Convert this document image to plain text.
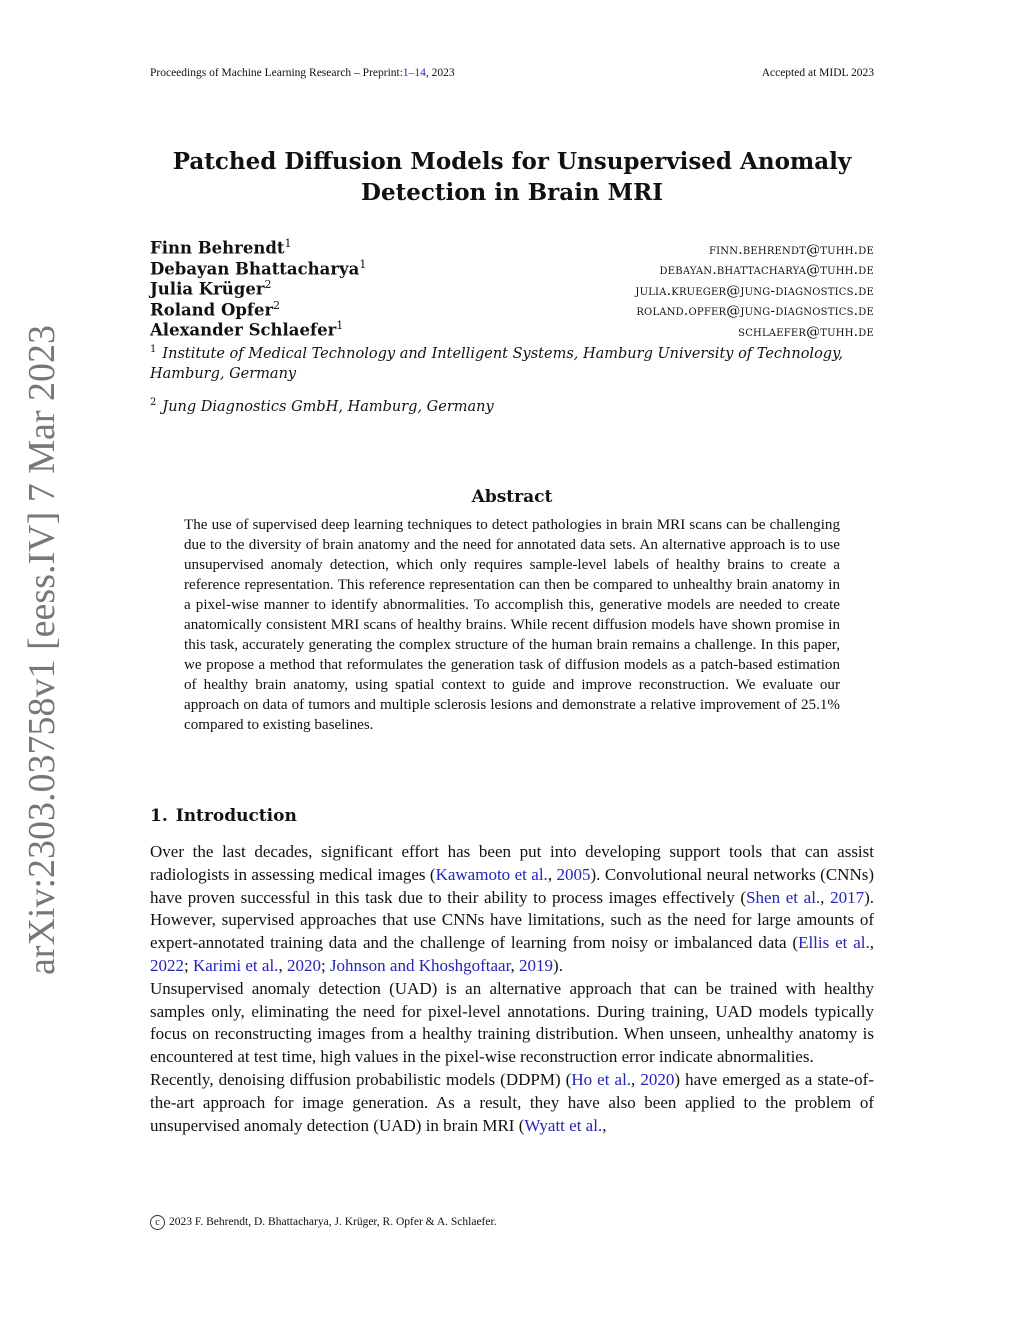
Proceedings of Machine Learning Research – Preprint:1–14, 2023	Accepted at MIDL 2023
arXiv:2303.03758v1 [eess.IV] 7 Mar 2023
Patched Diffusion Models for Unsupervised Anomaly Detection in Brain MRI
Finn Behrendt$^1$	finn.behrendt@tuhh.de
Debayan Bhattacharya$^1$	debayan.bhattacharya@tuhh.de
Julia Krüger$^2$	julia.krueger@jung-diagnostics.de
Roland Opfer$^2$	roland.opfer@jung-diagnostics.de
Alexander Schlaefer$^1$	schlaefer@tuhh.de
$^1$ Institute of Medical Technology and Intelligent Systems, Hamburg University of Technology, Hamburg, Germany
$^2$ Jung Diagnostics GmbH, Hamburg, Germany
Abstract
The use of supervised deep learning techniques to detect pathologies in brain MRI scans can be challenging due to the diversity of brain anatomy and the need for annotated data sets. An alternative approach is to use unsupervised anomaly detection, which only requires sample-level labels of healthy brains to create a reference representation. This reference representation can then be compared to unhealthy brain anatomy in a pixel-wise manner to identify abnormalities. To accomplish this, generative models are needed to create anatomically consistent MRI scans of healthy brains. While recent diffusion models have shown promise in this task, accurately generating the complex structure of the human brain remains a challenge. In this paper, we propose a method that reformulates the generation task of diffusion models as a patch-based estimation of healthy brain anatomy, using spatial context to guide and improve reconstruction. We evaluate our approach on data of tumors and multiple sclerosis lesions and demonstrate a relative improvement of 25.1% compared to existing baselines.
1. Introduction

Over the last decades, significant effort has been put into developing support tools that can assist radiologists in assessing medical images (Kawamoto et al., 2005). Convolutional neural networks (CNNs) have proven successful in this task due to their ability to process images effectively (Shen et al., 2017). However, supervised approaches that use CNNs have limitations, such as the need for large amounts of expert-annotated training data and the challenge of learning from noisy or imbalanced data (Ellis et al., 2022; Karimi et al., 2020; Johnson and Khoshgoftaar, 2019).

Unsupervised anomaly detection (UAD) is an alternative approach that can be trained with healthy samples only, eliminating the need for pixel-level annotations. During training, UAD models typically focus on reconstructing images from a healthy training distribution. When unseen, unhealthy anatomy is encountered at test time, high values in the pixel-wise reconstruction error indicate abnormalities.

Recently, denoising diffusion probabilistic models (DDPM) (Ho et al., 2020) have emerged as a state-of-the-art approach for image generation. As a result, they have also been applied to the problem of unsupervised anomaly detection (UAD) in brain MRI (Wyatt et al.,

c 2023 F. Behrendt, D. Bhattacharya, J. Krüger, R. Opfer & A. Schlaefer.
